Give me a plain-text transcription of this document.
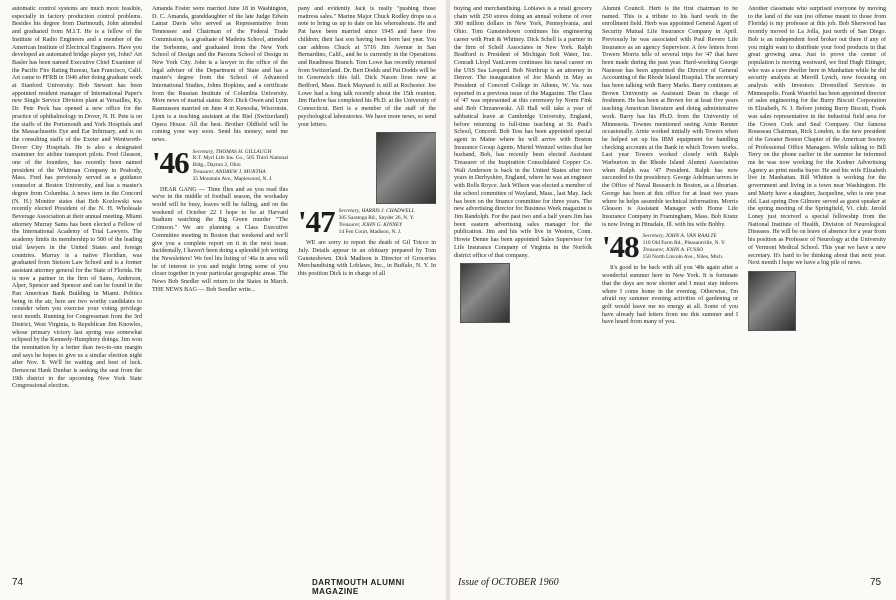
automatic control systems are much more feasible, especially in factory production control problems. Besides his degree from Dartmouth, John attended and graduated from M.I.T. He is a fellow of the Institute of Radio Engineers and a member of the American Institute of Electrical Engineers. Have you developed an automated bridge player yet, John? Art Basler has been named Executive Chief Examiner of the Pacific Fire Rating Bureau, San Francisco, Calif. Art came to PFRB in 1946 after doing graduate work at Stanford University. Bob Stewart has been appointed resident manager of International Paper's new Single Service Division plant at Versailles, Ky. Dr. Pete Peck has opened a new office for the practice of ophthalmology in Dover, N. H. Pete is on the staffs of the Portsmouth and York Hospitals and the Massachusetts Eye and Ear Infirmary, and is on the consulting staffs of the Exeter and Wentworth-Dover City Hospitals. He is also a designated examiner for airline transport pilots. Fred Gleason, one of the founders, has recently been named president of the Whitman Company in Peabody, Mass. Fred has previously served as a guidance counselor at Boston University, and has a master's degree from Columbia. A news item in the Concord (N. H.) Monitor states that Bob Kozlowski was recently elected President of the N. H. Wholesale Beverage Association at their annual meeting. Miami attorney Murray Sams has been elected a Fellow of the International Academy of Trial Lawyers. The academy limits its membership to 500 of the leading trial lawyers in the United States and foreign countries. Murray is a native Floridian, was graduated from Stetson Law School and is a former assistant attorney general for the State of Florida. He is now a partner in the firm of Sams, Anderson, Alper, Spencer and Spencer and can be found in the Pan American Bank Building in Miami. Politics being in the air, here are two worthy candidates to consider when you exercise your voting privilege next month. Running for Congressman from the 3rd District, West Virginia, is Republican Jim Knowles, whose primary victory last spring was somewhat eclipsed by the Kennedy-Humphrey doings. Jim won the nomination by a better than two-to-one margin and says he hopes to give us a similar election night after Nov. 8. We'll be waiting and best of luck. Democrat Hank Dunbar is seeking the seat from the 19th district in the upcoming New York State Congressional election.

Amanda Foster were married June 18 in Washington, D. C. Amanda, granddaughter of the late Judge Edwin Lamar Davis who served as Representative from Tennessee and Chairman of the Federal Trade Commission, is a graduate of Madeira School, attended the Sorbonne, and graduated from the New York School of Design and the Parsons School of Design in New York City. John is a lawyer in the office of the legal adviser of the Department of State and has a master's degree from the School of Advanced International Studies, Johns Hopkins, and a certificate from the Russian Institute of Columbia University. More news of marital status: Rev. Dick Owen and Lynn Rasmussen married on June 4 in Kenosha, Wisconsin. Lynn is a teaching assistant at the Biel (Switzerland) Opera House. All the best. Brother Oldfield will be coming your way soon. Send his money; send me news.

'46 Secretary, THOMAS H. GILLAUGH
R.T. Myrl Life Ins. Co., 505 Third National Bldg., Dayton 2, Ohio
Treasurer, ANDREW J. MURTHA
35 Mountain Ave., Maplewood, N. J.

DEAR GANG — Time flies and as you read this we're in the middle of football season, the workaday world will be busy, leaves will be falling, and on the weekend of October 22 I hope to be at Harvard Stadium watching the Big Green murder "The Crimson." We are planning a Class Executive Committee meeting in Boston that weekend and we'll give you a complete report on it in the next issue. Incidentally, I haven't been doing a splendid job writing the Newsletters! We feel his listing of '46s in area will be of interest to you and might bring some of you closer together in your particular geographic areas. The News Bob Snedler will return to the States in March. THE NEWS BAG — Bob Sondler write...

pany and evidently Jack is really "pushing those mattress sales." Marine Major Chuck Rodley drops us a note to bring us up to date on his whereabouts. He and Pat have been married since 1945 and have five children; their last son having been born last year. You can address Chuck at 5716 Jim Avenue in San Bernardino, Calif., and he is currently in the Operations and Readiness Branch. Tom Lowe has recently returned from Switzerland. Dr. Bert Dodds and Pat Dodds will be in Greenwich this fall. Dick Nason lives now at Bedford, Mass. Buck Maynard is still at Rochester. Joe Lowe had a long talk recently about the 15th reunion. Jim Harlow has completed his Ph.D. at the University of Connecticut. Bert is a member of the staff of the psychological laboratories. We have more news, so send your letters.

'47 Secretary, HARRIS J. CHADWELL
305 Saratoga Rd., Snyder 26, N. Y.
Treasurer, JOHN G. KINNEY
14 Fen Court, Madison, N. J.

WE are sorry to report the death of Gil Tricco in July. Details appear in an obituary prepared by Tom Gunsteshown. Dick Madison is Director of Groceries Merchandising with Loblaws, Inc., in Buffalo, N. Y. In this position Dick is in charge of all

74	DARTMOUTH ALUMNI MAGAZINE

buying and merchandising. Loblaws is a retail grocery chain with 250 stores doing an annual volume of over 300 million dollars in New York, Pennsylvania, and Ohio. Tom Gunsteshown continues his engineering career with Pratt & Whitney. Dick Schell is a partner in the firm of Schell Associates in New York. Ralph Bradford is President of Michigan Soft Water, Inc. Conradt Lloyd VanLuven continues his naval career on the USS Sea Leopard. Bob Northrup is an attorney in Denver. The inauguration of Joe Marsh in May as President of Concord College in Athens, W. Va. was reported in a previous issue of the Magazine. The Class of '47 was represented at this ceremony by Norm Fink and Bob Chrzanowski. All Hall will take a year of sabbatical leave at Cambridge University, England, before returning to full-time teaching at St. Paul's School, Concord. Bob Tess has been appointed special agent in Maine where he will arrive with Boston Insurance Group Agents. Muriel Wentzel writes that her husband, Bob, has recently been elected Assistant Treasurer of the Inspiration Consolidated Copper Co. Walt Anderson is back in the United States after two years in Derbyshire, England, where he was an engineer with Rolls Royce. Jack Wilson was elected a member of the school committee of Wayland, Mass., last May. Jack has been on the finance committee for three years. The new advertising director for Business Week magazine is Jim Randolph. For the past two and a half years Jim has been eastern advertising sales manager for the publication. Jim and his wife live in Weston, Conn. Howie Denne has been appointed Sales Supervisor for Life Insurance Company of Virginia in the Norfolk district office of that company.

Alumni Council. Herb is the first chairman to be named. This is a tribute to his hard work in the enrollment field. Herb was appointed General Agent of Security Mutual Life Insurance Company in April. Previously he was associated with Paul Revere Life Insurance as an agency Supervisor. A few letters from Towers Morris tells of several trips for '47 that have been made during the past year. Hard-working George Nasnose has been appointed the Director of General Accounting of the Rhode Island Hospital. The secretary has been talking with Barry Marks. Barry continues at Brown University as Assistant Dean in charge of freshmen. He has been at Brown for at least five years teaching American literature and doing administrative work. Barry has his Ph.D. from the University of Minnesota. Townes mentioned seeing Arnie Renner occasionally. Arnie worked initially with Towers when he helped set up his IBM equipment for handling checking accounts at the Bank in which Towers works. Last year Towers worked closely with Ralph Warburton in the Rhode Island Alumni Association when Ralph was '47 President. Ralph has now succeeded to the presidency. George Adelman serves in the Office of Naval Research in Boston, as a librarian. George has been at this office for at least two years where he helps assemble technical information. Morris Gleason is Assistant Manager with Home Life Insurance Company in Framingham, Mass. Bob Kranz is now living in Hinsdale, Ill. with his wife Bobby.

'48 Secretary, JOHN A. VAN RAALTE
110 Old Farm Rd., Pleasantville, N. Y.
Treasurer, JOHN A. FUSSO
150 North Lincoln Ave., Niles, Mich.

It's good to be back with all you '48s again after a wonderful summer here in New York. It is fortunate that the days are now shorter and I must stay indoors where I come home in the evening. Otherwise, I'm afraid my summer evening activities of gardening or golf would leave me no energy at all. Some of you have already had letters from me this summer and I have heard from many of you.

Another classmate who surprised everyone by moving to the land of the sun (no offense meant to those from Florida) is my professor at this job. Bob Sherwood has recently moved to La Jolla, just north of San Diego. Bob is an independent food broker out there if any of you might want to distribute your food products in that great growing area. Just to prove the center of population is moving westward, we find Hugh Ettinger, who was a cave dweller here in Manhattan while he did security analysis at Merrill Lynch, now focusing on analysis with Investors Diversified Services in Minneapolis. Frank Wuerfel has been appointed director of sales engineering for the Burry Biscuit Corporation in Elizabeth, N. J. Before joining Burry Biscuit, Frank was sales representative in the industrial field area for the Crown Cork and Seal Company. Our famous Rousseau Chairman, Rick London, is the new president of the Greater Boston Chapter of the American Society of Professional Office Managers. While talking to Bill Terry on the phone earlier in the summer he informed me he was now working for the Kodner Advertising Agency as print media buyer. He and his wife Elizabeth live in Manhattan. Bill Whitten is working for the government and living in a town near Washington. He and Marty have a daughter, Jacqueline, who is one year old. Last spring Don Gilmore served as guest speaker at the spring meeting of the Springfield, Vt. club. Jerold Loney just received a special fellowship from the National Institute of Health, Division of Neurological Diseases. He will be on leave of absence for a year from his position as Professor of Neurology at the University of Vermont Medical School. This year we have a new secretary. It's hard to be thinking about that next year. Next month I hope we have a big pile of news.

Issue of OCTOBER 1960	75
